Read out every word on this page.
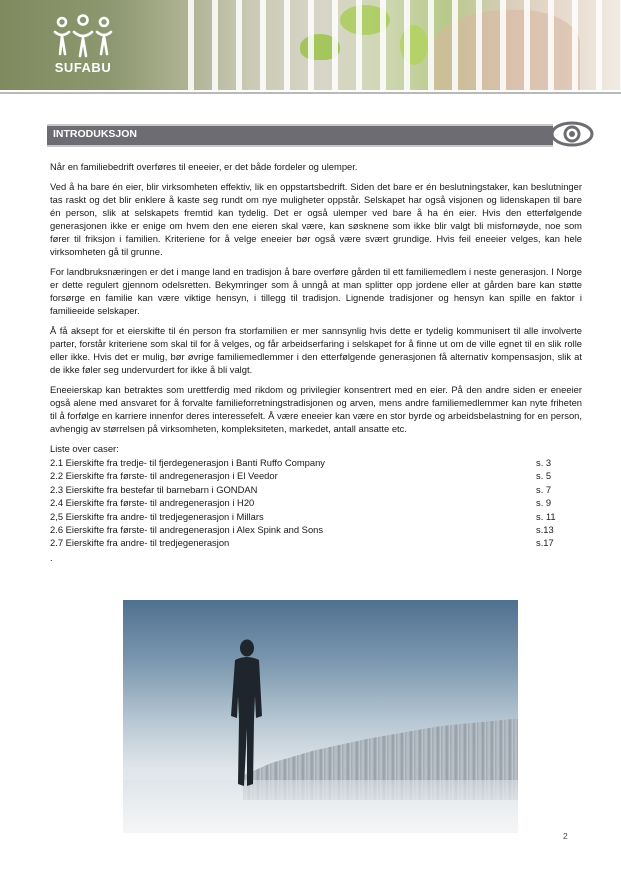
SUFABU
INTRODUKSJON

Når en familiebedrift overføres til eneeier, er det både fordeler og ulemper.

Ved å ha bare én eier, blir virksomheten effektiv, lik en oppstartsbedrift. Siden det bare er én beslutningstaker, kan beslutninger tas raskt og det blir enklere å kaste seg rundt om nye muligheter oppstår. Selskapet har også visjonen og lidenskapen til bare én person, slik at selskapets fremtid kan tydelig. Det er også ulemper ved bare å ha én eier. Hvis den etterfølgende generasjonen ikke er enige om hvem den ene eieren skal være, kan søsknene som ikke blir valgt bli misfornøyde, noe som fører til friksjon i familien. Kriteriene for å velge eneeier bør også være svært grundige. Hvis feil eneeier velges, kan hele virksomheten gå til grunne.

For landbruksnæringen er det i mange land en tradisjon å bare overføre gården til ett familiemedlem i neste generasjon. I Norge er dette regulert gjennom odelsretten. Bekymringer som å unngå at man splitter opp jordene eller at gården bare kan støtte forsørge en familie kan være viktige hensyn, i tillegg til tradisjon. Lignende tradisjoner og hensyn kan spille en faktor i familieeide selskaper.

Å få aksept for et eierskifte til én person fra storfamilien er mer sannsynlig hvis dette er tydelig kommunisert til alle involverte parter, forstår kriteriene som skal til for å velges, og får arbeidserfaring i selskapet for å finne ut om de ville egnet til en slik rolle eller ikke. Hvis det er mulig, bør øvrige familiemedlemmer i den etterfølgende generasjonen få alternativ kompensasjon, slik at de ikke føler seg undervurdert for ikke å bli valgt.

Eneeierskap kan betraktes som urettferdig med rikdom og privilegier konsentrert med en eier. På den andre siden er eneeier også alene med ansvaret for å forvalte familieforretningstradisjonen og arven, mens andre familiemedlemmer kan nyte friheten til å forfølge en karriere innenfor deres interessefelt. Å være eneeier kan være en stor byrde og arbeidsbelastning for en person, avhengig av størrelsen på virksomheten, kompleksiteten, markedet, antall ansatte etc.

Liste over caser:
2.1 Eierskifte fra tredje- til fjerdegenerasjon i Banti Ruffo Company	s. 3
2.2 Eierskifte fra første- til andregenerasjon i El Veedor	s. 5
2.3 Eierskifte fra bestefar til barnebarn i GONDAN	s. 7
2.4 Eierskifte fra første- til andregenerasjon i H20	s. 9
2,5 Eierskifte fra andre- til tredjegenerasjon i Millars	s. 11
2.6 Eierskifte fra første- til andregenerasjon i Alex Spink and Sons	s.13
2.7 Eierskifte fra andre- til tredjegenerasjon	s.17
.
2
